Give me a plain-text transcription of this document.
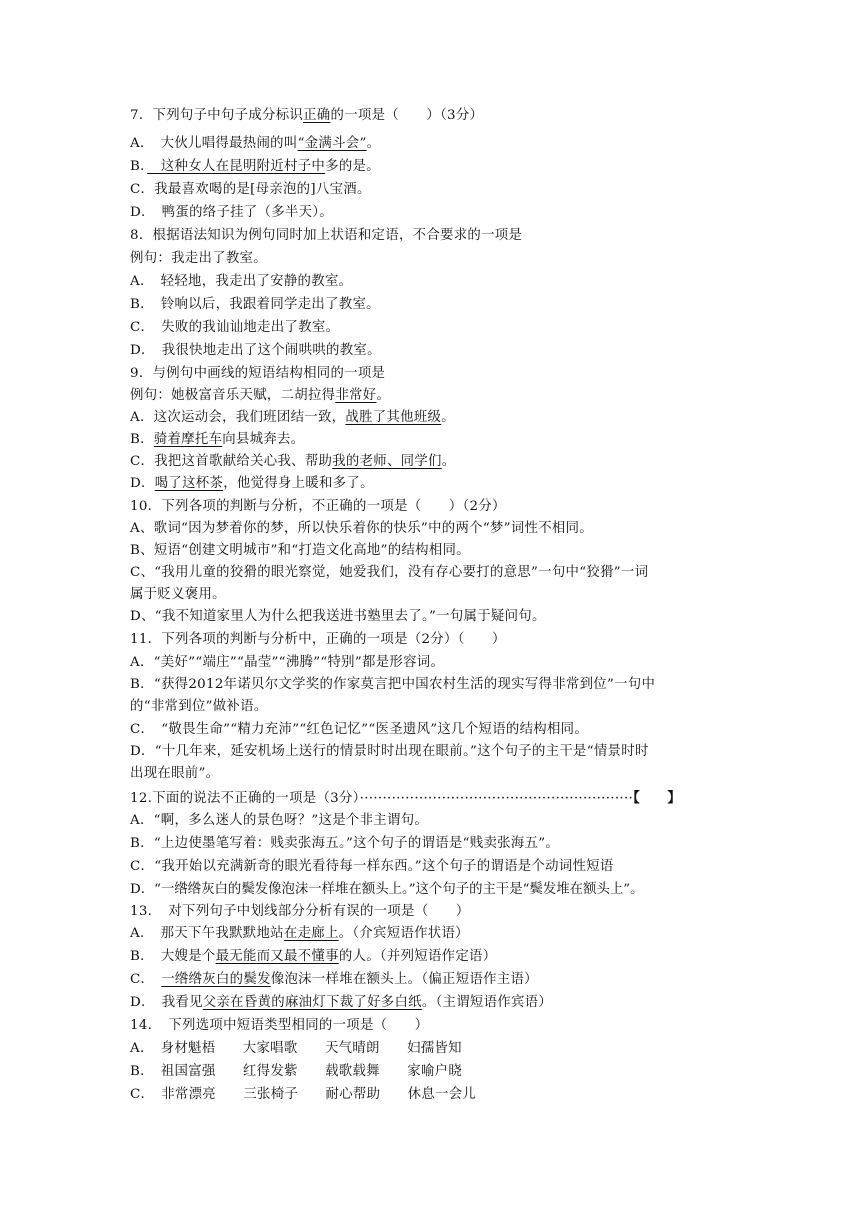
7．下列句子中句子成分标识正确的一项是（　　）（3分）
A．　大伙儿唱得最热闹的叫“金满斗会”。
B．　这种女人在昆明附近村子中多的是。
C．我最喜欢喝的是[母亲泡的]八宝酒。
D．　鸭蛋的络子挂了（多半天）。
8．根据语法知识为例句同时加上状语和定语，不合要求的一项是
例句：我走出了教室。
A．　轻轻地，我走出了安静的教室。
B．　铃响以后，我跟着同学走出了教室。
C．　失败的我讪讪地走出了教室。
D．　我很快地走出了这个闹哄哄的教室。
9．与例句中画线的短语结构相同的一项是
例句：她极富音乐天赋，二胡拉得非常好。
A．这次运动会，我们班团结一致，战胜了其他班级。
B．骑着摩托车向县城奔去。
C．我把这首歌献给关心我、帮助我的老师、同学们。
D．喝了这杯茶，他觉得身上暖和多了。
10．下列各项的判断与分析，不正确的一项是（　　）（2分）
A、歌词“因为梦着你的梦，所以快乐着你的快乐”中的两个“梦”词性不相同。
B、短语“创建文明城市”和“打造文化高地”的结构相同。
C、“我用儿童的狡猾的眼光察觉，她爱我们，没有存心要打的意思”一句中“狡猾”一词
属于贬义褒用。
D、“我不知道家里人为什么把我送进书塾里去了。”一句属于疑问句。
11．下列各项的判断与分析中，正确的一项是（2分）（　　）
A．“美好”“端庄”“晶莹”“沸腾”“特别”都是形容词。
B．“获得2012年诺贝尔文学奖的作家莫言把中国农村生活的现实写得非常到位”一句中
的“非常到位”做补语。
C．　“敬畏生命”“精力充沛”“红色记忆”“医圣遗风”这几个短语的结构相同。
D．“十几年来，延安机场上送行的情景时时出现在眼前。”这个句子的主干是“情景时时
出现在眼前”。
12.下面的说法不正确的一项是（3分）····························································【　　】
A．“啊，多么迷人的景色呀？”这是个非主谓句。
B．“上边使墨笔写着：贱卖张海五。”这个句子的谓语是“贱卖张海五”。
C．“我开始以充满新奇的眼光看待每一样东西。”这个句子的谓语是个动词性短语
D．“一绺绺灰白的鬓发像泡沫一样堆在额头上。”这个句子的主干是“鬓发堆在额头上”。
13．　对下列句子中划线部分分析有误的一项是（　　）
A．　那天下午我默默地站在走廊上。（介宾短语作状语）
B．　大嫂是个最无能而又最不懂事的人。（并列短语作定语）
C．　一绺绺灰白的鬓发像泡沫一样堆在额头上。（偏正短语作主语）
D．　我看见父亲在昏黄的麻油灯下裁了好多白纸。（主谓短语作宾语）
14．　下列选项中短语类型相同的一项是（　　）
A．　身材魁梧　　大家唱歌　　天气晴朗　　妇孺皆知
B．　祖国富强　　红得发紫　　载歌载舞　　家喻户晓
C．　非常漂亮　　三张椅子　　耐心帮助　　休息一会儿
